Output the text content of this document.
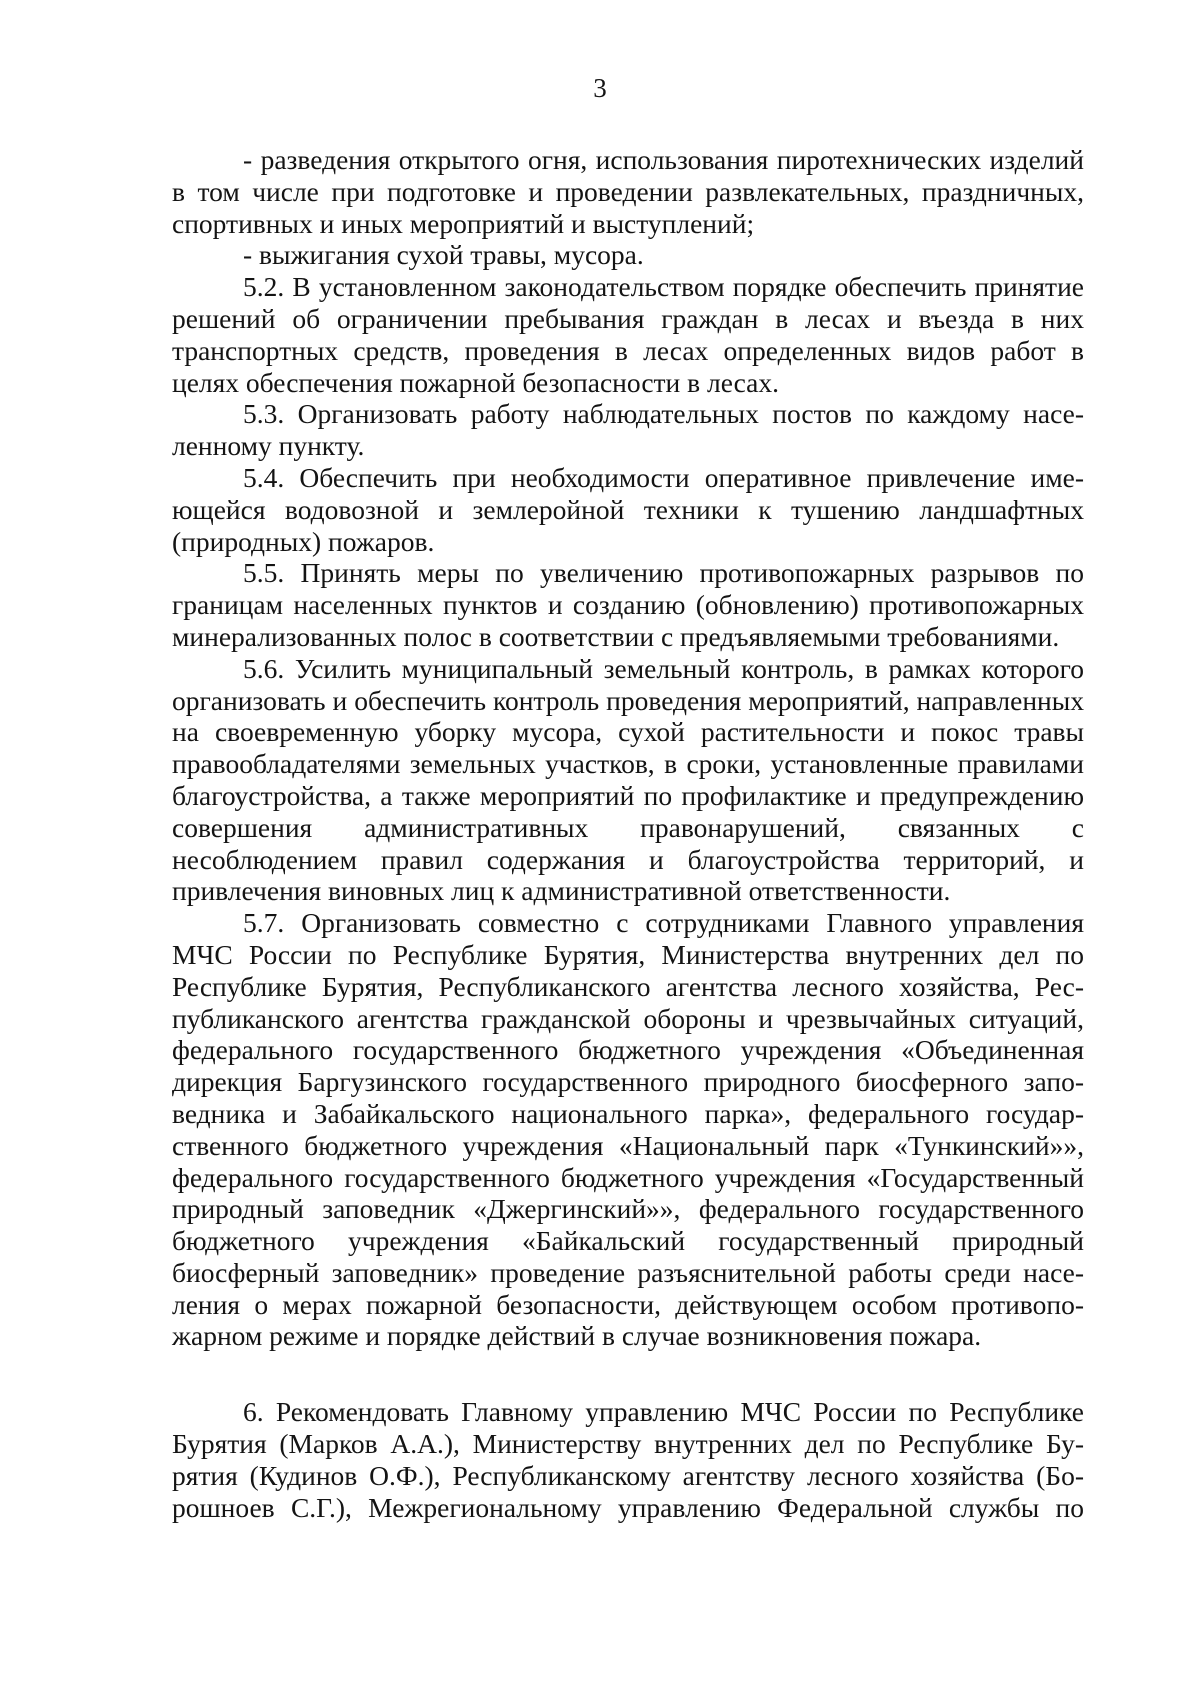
3

- разведения открытого огня, использования пиротехнических изделий в том числе при подготовке и проведении развлекательных, праздничных, спортивных и иных мероприятий и выступлений;

- выжигания сухой травы, мусора.

5.2. В установленном законодательством порядке обеспечить принятие решений об ограничении пребывания граждан в лесах и въезда в них транспортных средств, проведения в лесах определенных видов работ в целях обеспечения пожарной безопасности в лесах.

5.3. Организовать работу наблюдательных постов по каждому населенному пункту.

5.4. Обеспечить при необходимости оперативное привлечение имеющейся водовозной и землеройной техники к тушению ландшафтных (природных) пожаров.

5.5. Принять меры по увеличению противопожарных разрывов по границам населенных пунктов и созданию (обновлению) противопожарных минерализованных полос в соответствии с предъявляемыми требованиями.

5.6. Усилить муниципальный земельный контроль, в рамках которого организовать и обеспечить контроль проведения мероприятий, направленных на своевременную уборку мусора, сухой растительности и покос травы правообладателями земельных участков, в сроки, установленные правилами благоустройства, а также мероприятий по профилактике и предупреждению совершения административных правонарушений, связанных с несоблюдением правил содержания и благоустройства территорий, и привлечения виновных лиц к административной ответственности.

5.7. Организовать совместно с сотрудниками Главного управления МЧС России по Республике Бурятия, Министерства внутренних дел по Республике Бурятия, Республиканского агентства лесного хозяйства, Республиканского агентства гражданской обороны и чрезвычайных ситуаций, федерального государственного бюджетного учреждения «Объединенная дирекция Баргузинского государственного природного биосферного заповедника и Забайкальского национального парка», федерального государственного бюджетного учреждения «Национальный парк «Тункинский»», федерального государственного бюджетного учреждения «Государственный природный заповедник «Джергинский»», федерального государственного бюджетного учреждения «Байкальский государственный природный биосферный заповедник» проведение разъяснительной работы среди населения о мерах пожарной безопасности, действующем особом противопожарном режиме и порядке действий в случае возникновения пожара.

6. Рекомендовать Главному управлению МЧС России по Республике Бурятия (Марков А.А.), Министерству внутренних дел по Республике Бурятия (Кудинов О.Ф.), Республиканскому агентству лесного хозяйства (Борошноев С.Г.), Межрегиональному управлению Федеральной службы по
